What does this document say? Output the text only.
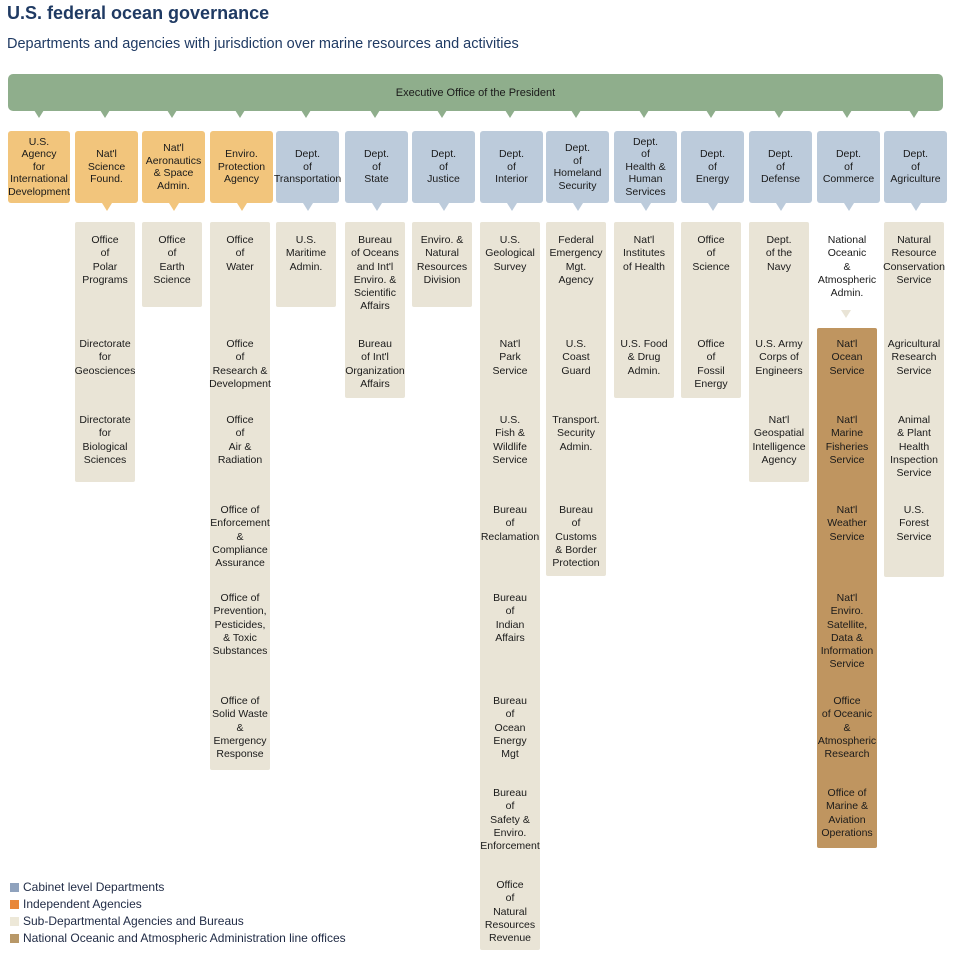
U.S. federal ocean governance
Departments and agencies with jurisdiction over marine resources and activities
Executive Office of the President
U.S.
Agency
for
International
Development
Nat'l
Science
Found.
Office
of
Polar
Programs
Directorate
for
Geosciences
Directorate
for
Biological
Sciences
Nat'l
Aeronautics
& Space
Admin.
Office
of
Earth
Science
Enviro.
Protection
Agency
Office
of
Water
Office
of
Research &
Development
Office
of
Air &
Radiation
Office of
Enforcement
&
Compliance
Assurance
Office of
Prevention,
Pesticides,
& Toxic
Substances
Office of
Solid Waste
&
Emergency
Response
Dept.
of
Transportation
U.S.
Maritime
Admin.
Dept.
of
State
Bureau
of Oceans
and Int'l
Enviro. &
Scientific
Affairs
Bureau
of Int'l
Organization
Affairs
Dept.
of
Justice
Enviro. &
Natural
Resources
Division
Dept.
of
Interior
U.S.
Geological
Survey
Nat'l
Park
Service
U.S.
Fish &
Wildlife
Service
Bureau
of
Reclamation
Bureau
of
Indian
Affairs
Bureau
of
Ocean
Energy
Mgt
Bureau
of
Safety &
Enviro.
Enforcement
Office
of
Natural
Resources
Revenue
Dept.
of
Homeland
Security
Federal
Emergency
Mgt.
Agency
U.S.
Coast
Guard
Transport.
Security
Admin.
Bureau
of
Customs
& Border
Protection
Dept.
of
Health &
Human
Services
Nat'l
Institutes
of Health
U.S. Food
& Drug
Admin.
Dept.
of
Energy
Office
of
Science
Office
of
Fossil
Energy
Dept.
of
Defense
Dept.
of the
Navy
U.S. Army
Corps of
Engineers
Nat'l
Geospatial
Intelligence
Agency
Dept.
of
Commerce
National
Oceanic
&
Atmospheric
Admin.
Nat'l
Ocean
Service
Nat'l
Marine
Fisheries
Service
Nat'l
Weather
Service
Nat'l
Enviro.
Satellite,
Data &
Information
Service
Office
of Oceanic
&
Atmospheric
Research
Office of
Marine &
Aviation
Operations
Dept.
of
Agriculture
Natural
Resource
Conservation
Service
Agricultural
Research
Service
Animal
& Plant
Health
Inspection
Service
U.S.
Forest
Service
Cabinet level Departments
Independent Agencies
Sub-Departmental Agencies and Bureaus
National Oceanic and Atmospheric Administration line offices
